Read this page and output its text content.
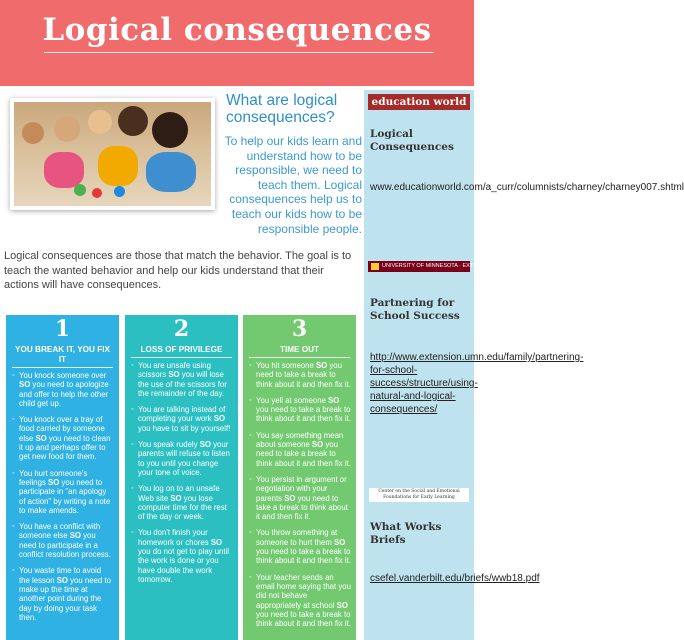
Logical consequences
What are logical consequences?
To help our kids learn and understand how to be responsible, we need to teach them. Logical consequences help us to teach our kids how to be responsible people.
Logical consequences are those that match the behavior. The goal is to teach the wanted behavior and help our kids understand that their actions will have consequences.
1
YOU BREAK IT, YOU FIX IT
◦ You knock someone over SO you need to apologize and offer to help the other child get up.
◦ You knock over a tray of food carried by someone else SO you need to clean it up and perhaps offer to get new food for them.
◦ You hurt someone's feelings SO you need to participate in "an apology of action" by writing a note to make amends.
◦ You have a conflict with someone else SO you need to participate in a conflict resolution process.
◦ You waste time to avoid the lesson SO you need to make up the time at another point during the day by doing your task then.
2
LOSS OF PRIVILEGE
◦ You are unsafe using scissors SO you will lose the use of the scissors for the remainder of the day.
◦ You are talking instead of completing your work SO you have to sit by yourself!
◦ You speak rudely SO your parents will refuse to listen to you until you change your tone of voice.
◦ You log on to an unsafe Web site SO you lose computer time for the rest of the day or week.
◦ You don't finish your homework or chores SO you do not get to play until the work is done or you have double the work tomorrow.
3
TIME OUT
◦ You hit someone SO you need to take a break to think about it and then fix it.
◦ You yell at someone SO you need to take a break to think about it and then fix it.
◦ You say something mean about someone SO you need to take a break to think about it and then fix it.
◦ You persist in argument or negotiation with your parents SO you need to take a break to think about it and then fix it.
◦ You throw something at someone to hurt them SO you need to take a break to think about it and then fix it.
◦ Your teacher sends an email home saying that you did not behave appropriately at school SO you need to take a break to think about it and then fix it.
education world
Logical Consequences
www.educationworld.com/a_curr/columnists/charney/charney007.shtml
UNIVERSITY OF MINNESOTA · EXTENSION
Partnering for School Success
http://www.extension.umn.edu/family/partnering-for-school-success/structure/using-natural-and-logical-consequences/
Center on the Social and Emotional Foundations for Early Learning
What Works Briefs
csefel.vanderbilt.edu/briefs/wwb18.pdf
